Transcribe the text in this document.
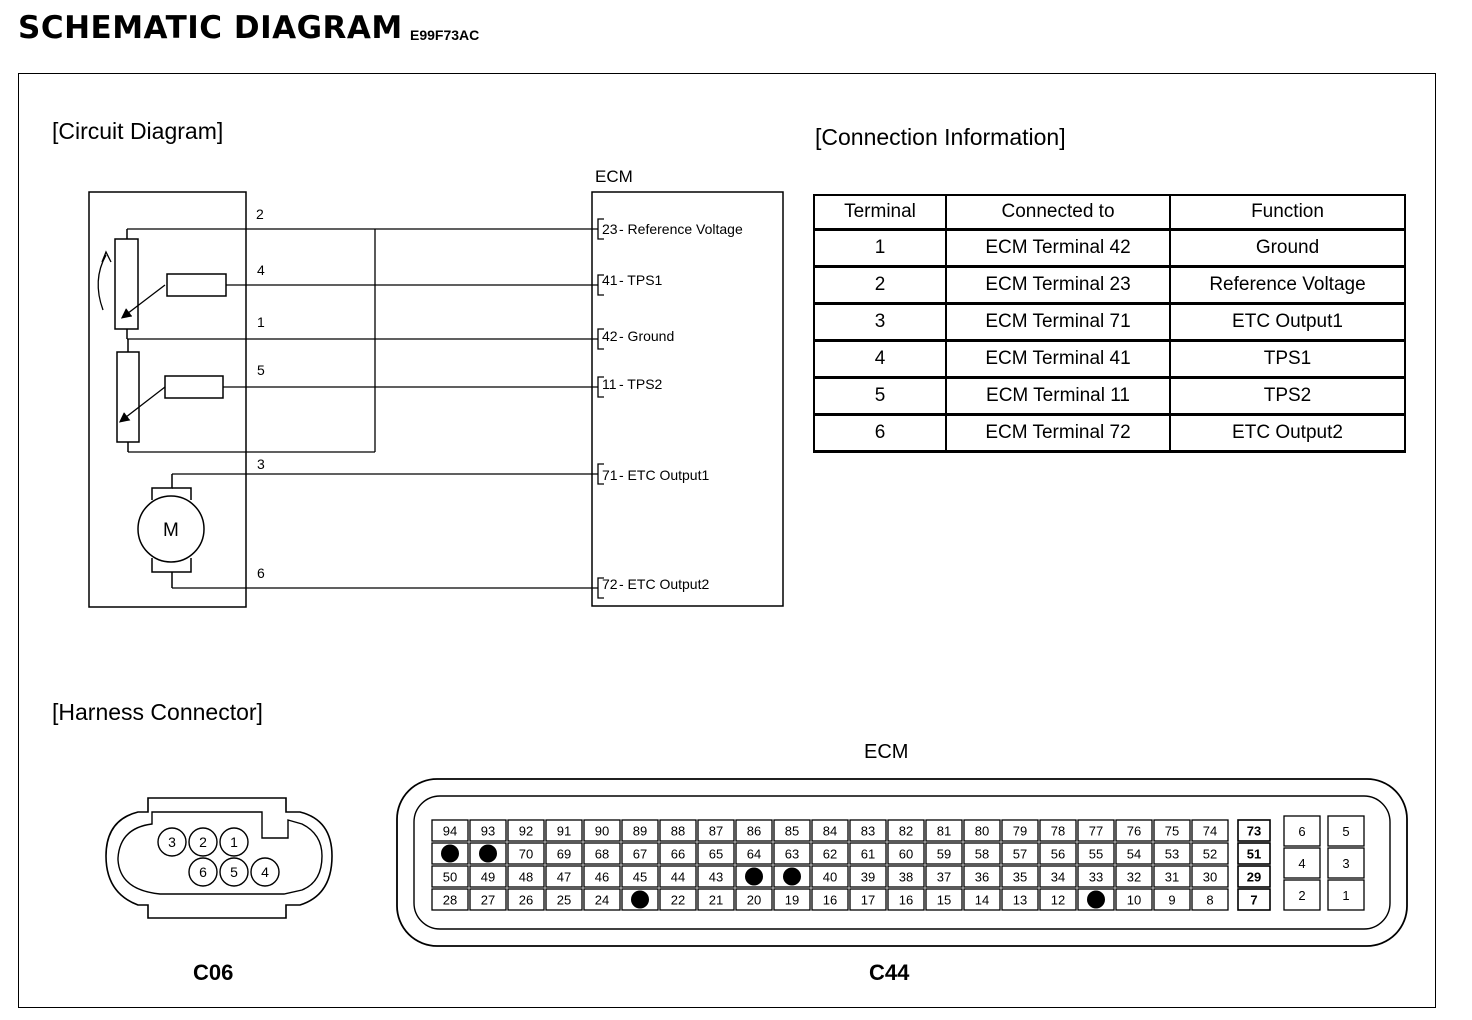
SCHEMATIC DIAGRAM E99F73AC
[Circuit Diagram]	[Connection Information]
[Harness Connector]
ECM
M
2
4
1
5
3
6
23 - Reference Voltage
41 - TPS1
42 - Ground
11 - TPS2
71 - ETC Output1
72 - ETC Output2
Terminal	Connected to	Function
1	ECM Terminal 42	Ground
2	ECM Terminal 23	Reference Voltage
3	ECM Terminal 71	ETC Output1
4	ECM Terminal 41	TPS1
5	ECM Terminal 11	TPS2
6	ECM Terminal 72	ETC Output2
3 2 1
6 5 4
C06
ECM
94 93 92 91 90 89 88 87 86 85 84 83 82 81 80 79 78 77 76 75 74
70 69 68 67 66 65 64 63 62 61 60 59 58 57 56 55 54 53 52
50 49 48 47 46 45 44 43	40 39 38 37 36 35 34 33 32 31 30
28 27 26 25 24	22 21 20 19 16 17 16 15 14 13 12	10 9 8
73
51
29
7
6	5
4	3
2	1
C44
